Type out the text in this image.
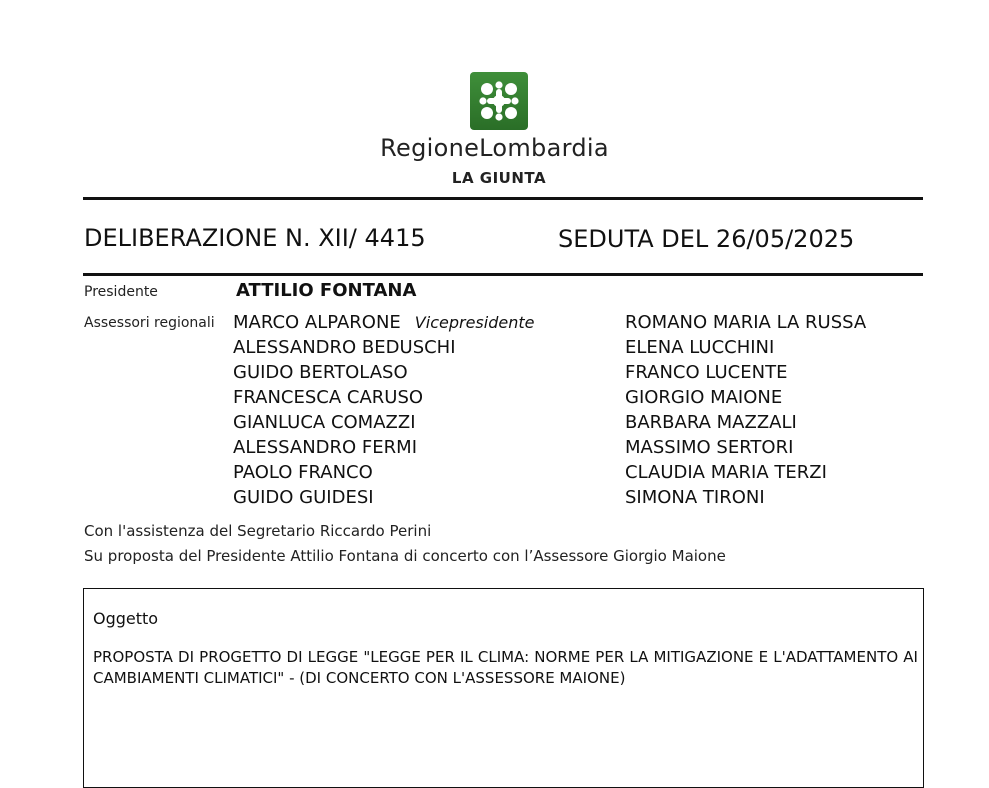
RegioneLombardia
LA GIUNTA
DELIBERAZIONE N. XII/ 4415	SEDUTA DEL 26/05/2025
Presidente	ATTILIO FONTANA
Assessori regionali MARCO ALPARONE Vicepresidente
ALESSANDRO BEDUSCHI
GUIDO BERTOLASO
FRANCESCA CARUSO
GIANLUCA COMAZZI
ALESSANDRO FERMI
PAOLO FRANCO
GUIDO GUIDESI
ROMANO MARIA LA RUSSA
ELENA LUCCHINI
FRANCO LUCENTE
GIORGIO MAIONE
BARBARA MAZZALI
MASSIMO SERTORI
CLAUDIA MARIA TERZI
SIMONA TIRONI
Con l'assistenza del Segretario Riccardo Perini
Su proposta del Presidente Attilio Fontana di concerto con l’Assessore Giorgio Maione
Oggetto
PROPOSTA DI PROGETTO DI LEGGE "LEGGE PER IL CLIMA: NORME PER LA MITIGAZIONE E L'ADATTAMENTO AI CAMBIAMENTI CLIMATICI" - (DI CONCERTO CON L'ASSESSORE MAIONE)
